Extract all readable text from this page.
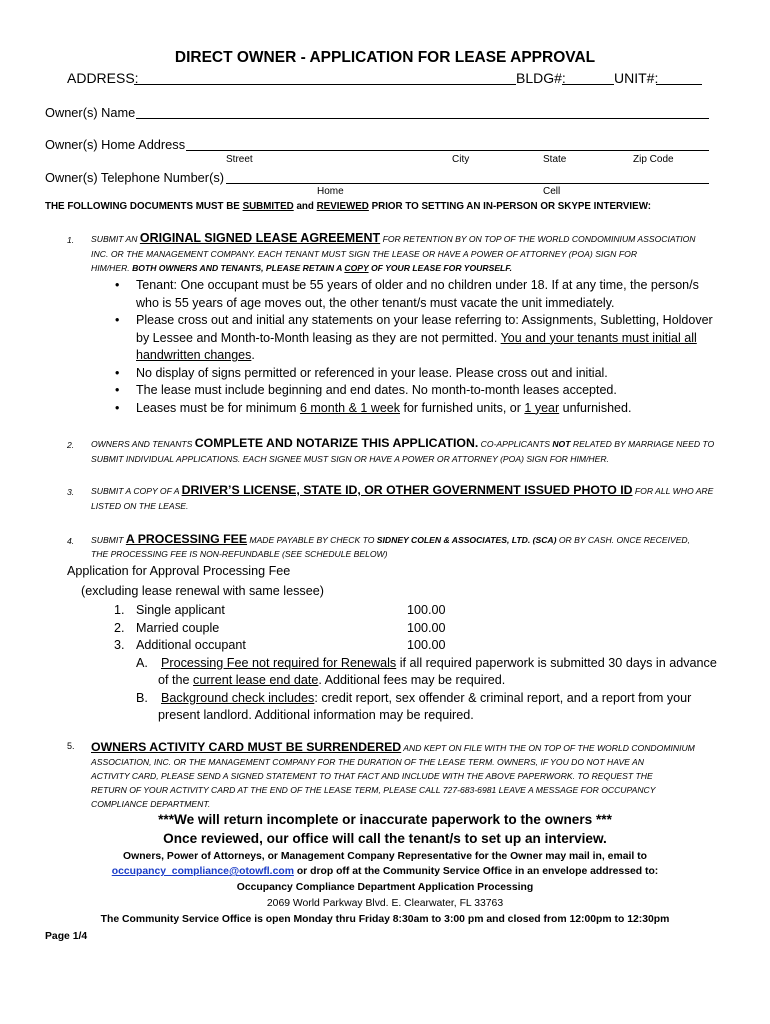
DIRECT OWNER - APPLICATION FOR LEASE APPROVAL
ADDRESS:	BLDG#:	UNIT#:
Owner(s) Name
Owner(s) Home Address
Street	City	State	Zip Code
Owner(s) Telephone Number(s)
Home	Cell
THE FOLLOWING DOCUMENTS MUST BE SUBMITED and REVIEWED PRIOR TO SETTING AN IN-PERSON OR SKYPE INTERVIEW:
1. SUBMIT AN ORIGINAL SIGNED LEASE AGREEMENT FOR RETENTION BY ON TOP OF THE WORLD CONDOMINIUM ASSOCIATION
INC. OR THE MANAGEMENT COMPANY. EACH TENANT MUST SIGN THE LEASE OR HAVE A POWER OF ATTORNEY (POA) SIGN FOR
HIM/HER. BOTH OWNERS AND TENANTS, PLEASE RETAIN A COPY OF YOUR LEASE FOR YOURSELF.
• Tenant: One occupant must be 55 years of older and no children under 18. If at any time, the person/s who is 55 years of age moves out, the other tenant/s must vacate the unit immediately.
• Please cross out and initial any statements on your lease referring to: Assignments, Subletting, Holdover by Lessee and Month-to-Month leasing as they are not permitted. You and your tenants must initial all handwritten changes.
• No display of signs permitted or referenced in your lease. Please cross out and initial.
• The lease must include beginning and end dates. No month-to-month leases accepted.
• Leases must be for minimum 6 month & 1 week for furnished units, or 1 year unfurnished.
2. OWNERS AND TENANTS COMPLETE AND NOTARIZE THIS APPLICATION. CO-APPLICANTS NOT RELATED BY MARRIAGE NEED TO
SUBMIT INDIVIDUAL APPLICATIONS. EACH SIGNEE MUST SIGN OR HAVE A POWER OR ATTORNEY (POA) SIGN FOR HIM/HER.
3. SUBMIT A COPY OF A DRIVER’S LICENSE, STATE ID, OR OTHER GOVERNMENT ISSUED PHOTO ID FOR ALL WHO ARE
LISTED ON THE LEASE.
4. SUBMIT A PROCESSING FEE MADE PAYABLE BY CHECK TO SIDNEY COLEN & ASSOCIATES, LTD. (SCA) OR BY CASH. ONCE RECEIVED,
THE PROCESSING FEE IS NON-REFUNDABLE (SEE SCHEDULE BELOW)
Application for Approval Processing Fee
(excluding lease renewal with same lessee)
1. Single applicant	100.00
2. Married couple	100.00
3. Additional occupant	100.00
A. Processing Fee not required for Renewals if all required paperwork is submitted 30 days in advance
of the current lease end date. Additional fees may be required.
B. Background check includes: credit report, sex offender & criminal report, and a report from your
present landlord. Additional information may be required.
5. OWNERS ACTIVITY CARD MUST BE SURRENDERED AND KEPT ON FILE WITH THE ON TOP OF THE WORLD CONDOMINIUM
ASSOCIATION, INC. OR THE MANAGEMENT COMPANY FOR THE DURATION OF THE LEASE TERM. OWNERS, IF YOU DO NOT HAVE AN
ACTIVITY CARD, PLEASE SEND A SIGNED STATEMENT TO THAT FACT AND INCLUDE WITH THE ABOVE PAPERWORK. TO REQUEST THE
RETURN OF YOUR ACTIVITY CARD AT THE END OF THE LEASE TERM, PLEASE CALL 727-683-6981 LEAVE A MESSAGE FOR OCCUPANCY
COMPLIANCE DEPARTMENT.
***We will return incomplete or inaccurate paperwork to the owners ***
Once reviewed, our office will call the tenant/s to set up an interview.
Owners, Power of Attorneys, or Management Company Representative for the Owner may mail in, email to
occupancy_compliance@otowfl.com or drop off at the Community Service Office in an envelope addressed to:
Occupancy Compliance Department Application Processing
2069 World Parkway Blvd. E. Clearwater, FL 33763
The Community Service Office is open Monday thru Friday 8:30am to 3:00 pm and closed from 12:00pm to 12:30pm
Page 1/4
